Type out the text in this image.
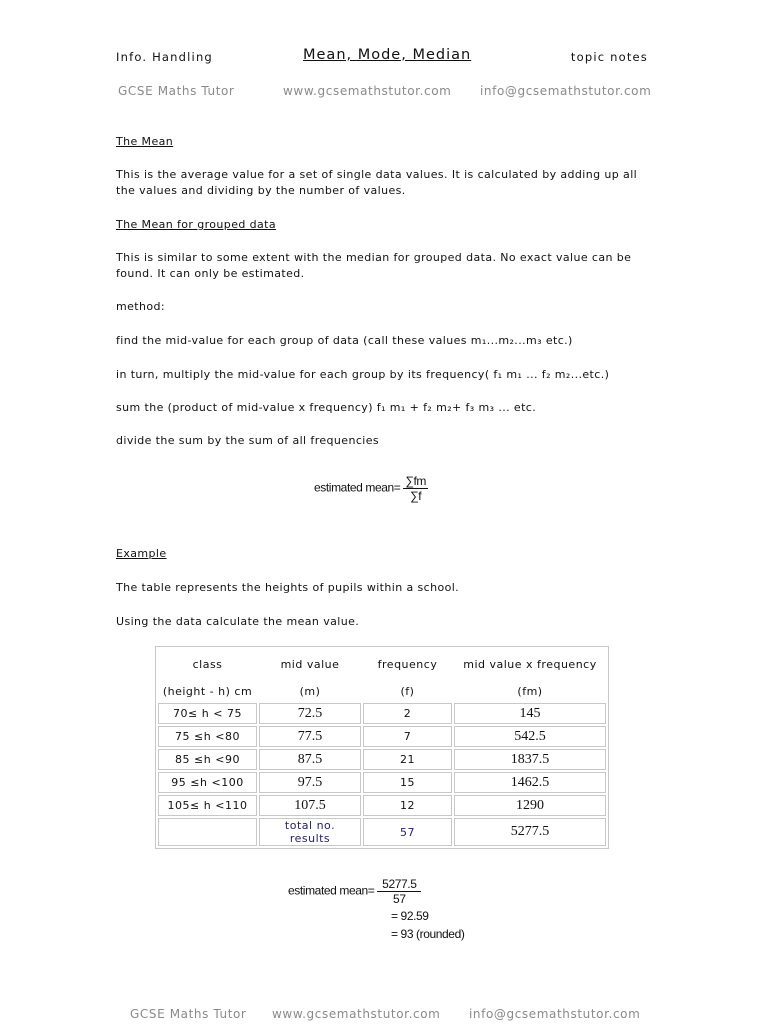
Info. Handling	Mean, Mode, Median	topic notes
GCSE Maths Tutor	www.gcsemathstutor.com info@gcsemathstutor.com
The Mean
This is the average value for a set of single data values. It is calculated by adding up all the values and dividing by the number of values.
The Mean for grouped data
This is similar to some extent with the median for grouped data. No exact value can be found. It can only be estimated.
method:
find the mid-value for each group of data (call these values m₁...m₂...m₃ etc.)
in turn, multiply the mid-value for each group by its frequency( f₁ m₁ ... f₂ m₂...etc.)
sum the (product of mid-value x frequency) f₁ m₁ + f₂ m₂+ f₃ m₃ ... etc.
divide the sum by the sum of all frequencies
estimated mean= $\frac{\sum fm}{\sum f}$
Example
The table represents the heights of pupils within a school.
Using the data calculate the mean value.
class	mid value	frequency	mid value x frequency
(height - h) cm	(m)	(f)	(fm)
70≤ h < 75	72.5	2	145
75 ≤h <80	77.5	7	542.5
85 ≤h <90	87.5	21	1837.5
95 ≤h <100	97.5	15	1462.5
105≤ h <110	107.5	12	1290
	total no. results	57	5277.5
estimated mean= $\frac{5277.5}{57}$
= 92.59
= 93 (rounded)
GCSE Maths Tutor www.gcsemathstutor.com info@gcsemathstutor.com
